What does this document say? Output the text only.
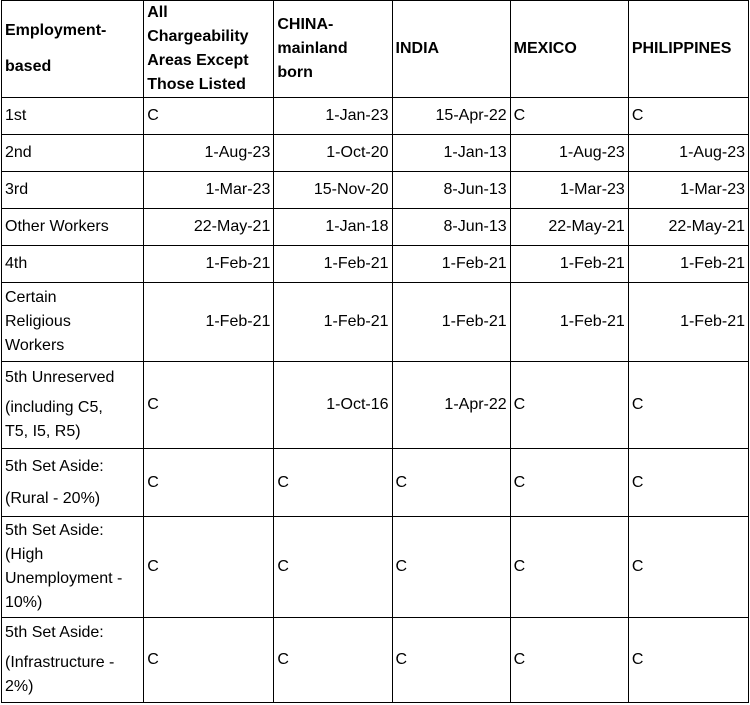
Employment-
based	All
Chargeability
Areas Except
Those Listed	CHINA-
mainland
born	INDIA	MEXICO	PHILIPPINES
1st	C	1-Jan-23	15-Apr-22	C	C
2nd	1-Aug-23	1-Oct-20	1-Jan-13	1-Aug-23	1-Aug-23
3rd	1-Mar-23	15-Nov-20	8-Jun-13	1-Mar-23	1-Mar-23
Other Workers	22-May-21	1-Jan-18	8-Jun-13	22-May-21	22-May-21
4th	1-Feb-21	1-Feb-21	1-Feb-21	1-Feb-21	1-Feb-21

Certain
Religious
Workers	1-Feb-21	1-Feb-21	1-Feb-21	1-Feb-21	1-Feb-21

5th Unreserved
(including C5,
T5, I5, R5)	C	1-Oct-16	1-Apr-22	C	C

5th Set Aside:
(Rural - 20%)	C	C	C	C	C

5th Set Aside:
(High
Unemployment -
10%)	C	C	C	C	C

5th Set Aside:
(Infrastructure -
2%)	C	C	C	C	C
